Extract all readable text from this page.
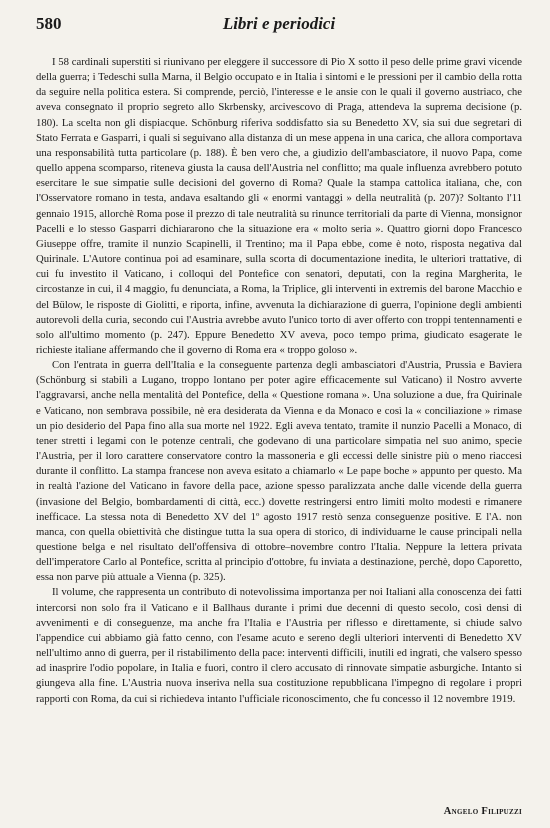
580	Libri e periodici

I 58 cardinali superstiti si riunivano per eleggere il successore di Pio X sotto il peso delle prime gravi vicende della guerra; i Tedeschi sulla Marna, il Belgio occupato e in Italia i sintomi e le pressioni per il cambio della rotta da seguire nella politica estera. Si comprende, perciò, l'interesse e le ansie con le quali il governo austriaco, che aveva consegnato il proprio segreto allo Skrbensky, arcivescovo di Praga, attendeva la suprema decisione (p. 180). La scelta non gli dispiacque. Schönburg riferiva soddisfatto sia su Benedetto XV, sia sui due segretari di Stato Ferrata e Gasparri, i quali si seguivano alla distanza di un mese appena in una carica, che allora comportava una responsabilità tutta particolare (p. 188). È ben vero che, a giudizio dell'ambasciatore, il nuovo Papa, come quello appena scomparso, riteneva giusta la causa dell'Austria nel conflitto; ma quale influenza avrebbero potuto esercitare le sue simpatie sulle decisioni del governo di Roma? Quale la stampa cattolica italiana, che, con l'Osservatore romano in testa, andava esaltando gli « enormi vantaggi » della neutralità (p. 207)? Soltanto l'11 gennaio 1915, allorchè Roma pose il prezzo di tale neutralità su rinunce territoriali da parte di Vienna, monsignor Pacelli e lo stesso Gasparri dichiararono che la situazione era « molto seria ». Quattro giorni dopo Francesco Giuseppe offre, tramite il nunzio Scapinelli, il Trentino; ma il Papa ebbe, come è noto, risposta negativa dal Quirinale. L'Autore continua poi ad esaminare, sulla scorta di documentazione inedita, le ulteriori trattative, di cui fu investito il Vaticano, i colloqui del Pontefice con senatori, deputati, con la regina Margherita, le circostanze in cui, il 4 maggio, fu denunciata, a Roma, la Triplice, gli interventi in extremis del barone Macchio e del Bülow, le risposte di Giolitti, e riporta, infine, avvenuta la dichiarazione di guerra, l'opinione degli ambienti autorevoli della curia, secondo cui l'Austria avrebbe avuto l'unico torto di aver offerto con troppi tentennamenti e solo all'ultimo momento (p. 247). Eppure Benedetto XV aveva, poco tempo prima, giudicato esagerate le richieste italiane affermando che il governo di Roma era « troppo goloso ».

Con l'entrata in guerra dell'Italia e la conseguente partenza degli ambasciatori d'Austria, Prussia e Baviera (Schönburg si stabilì a Lugano, troppo lontano per poter agire efficacemente sul Vaticano) il Nostro avverte l'aggravarsi, anche nella mentalità del Pontefice, della « Questione romana ». Una soluzione a due, fra Quirinale e Vaticano, non sembrava possibile, nè era desiderata da Vienna e da Monaco e così la « conciliazione » rimase un pio desiderio del Papa fino alla sua morte nel 1922. Egli aveva tentato, tramite il nunzio Pacelli a Monaco, di tener stretti i legami con le potenze centrali, che godevano di una particolare simpatia nel suo animo, specie l'Austria, per il loro carattere conservatore contro la massoneria e gli eccessi delle sinistre più o meno riaccesi durante il conflitto. La stampa francese non aveva esitato a chiamarlo « Le pape boche » appunto per questo. Ma in realtà l'azione del Vaticano in favore della pace, azione spesso paralizzata anche dalle vicende della guerra (invasione del Belgio, bombardamenti di città, ecc.) dovette restringersi entro limiti molto modesti e rimanere inefficace. La stessa nota di Benedetto XV del 1º agosto 1917 restò senza conseguenze positive. E l'A. non manca, con quella obiettività che distingue tutta la sua opera di storico, di individuarne le cause principali nella questione belga e nel risultato dell'offensiva di ottobre–novembre contro l'Italia. Neppure la lettera privata dell'imperatore Carlo al Pontefice, scritta al principio d'ottobre, fu inviata a destinazione, perchè, dopo Caporetto, essa non parve più attuale a Vienna (p. 325).

Il volume, che rappresenta un contributo di notevolissima importanza per noi Italiani alla conoscenza dei fatti intercorsi non solo fra il Vaticano e il Ballhaus durante i primi due decenni di questo secolo, così densi di avvenimenti e di conseguenze, ma anche fra l'Italia e l'Austria per riflesso e direttamente, si chiude salvo l'appendice cui abbiamo già fatto cenno, con l'esame acuto e sereno degli ulteriori interventi di Benedetto XV nell'ultimo anno di guerra, per il ristabilimento della pace: interventi difficili, inutili ed ingrati, che valsero spesso ad inasprire l'odio popolare, in Italia e fuori, contro il clero accusato di rinnovate simpatie asburgiche. Intanto si giungeva alla fine. L'Austria nuova inseriva nella sua costituzione repubblicana l'impegno di regolare i propri rapporti con Roma, da cui si richiedeva intanto l'ufficiale riconoscimento, che fu concesso il 12 novembre 1919.

Angelo Filipuzzi
